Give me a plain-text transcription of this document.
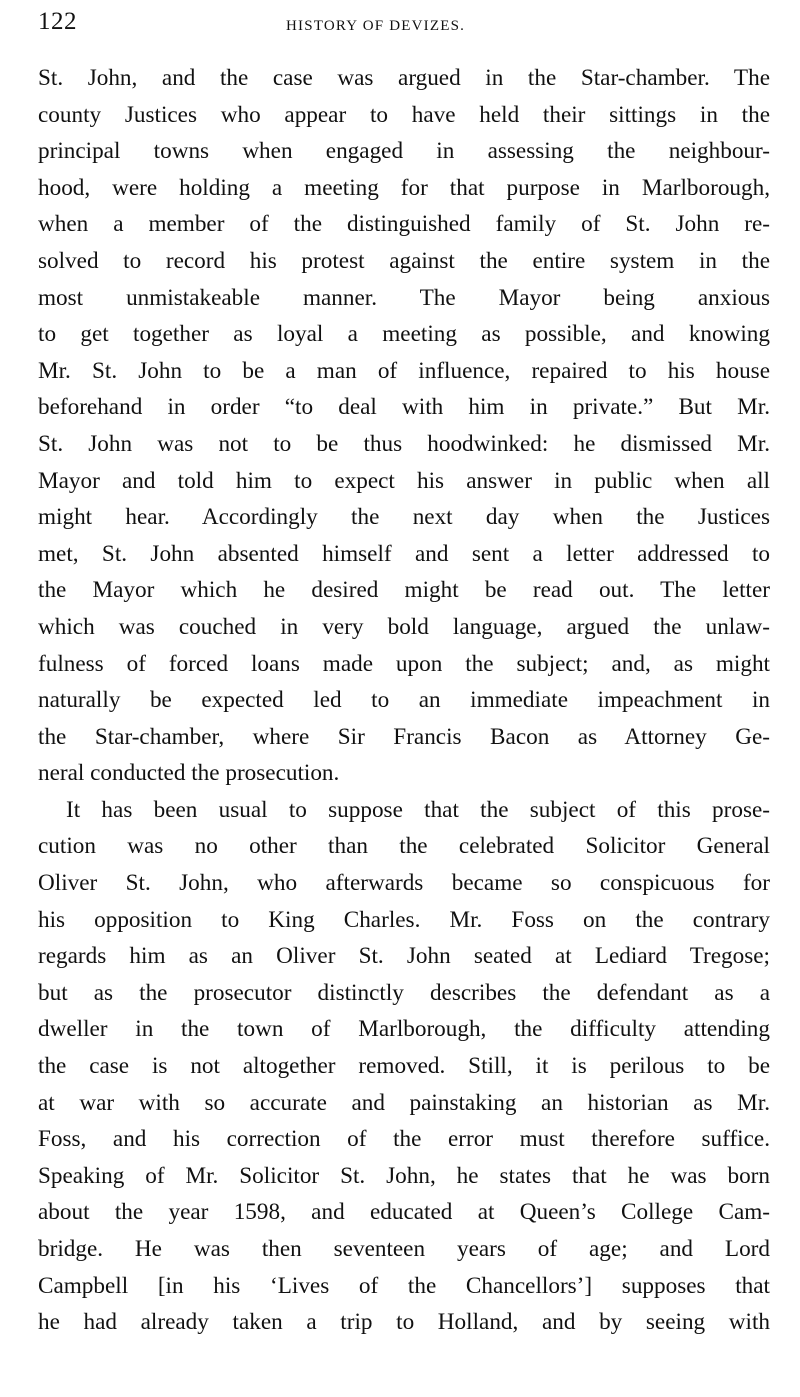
122	HISTORY OF DEVIZES.
St. John, and the case was argued in the Star-chamber. The
county Justices who appear to have held their sittings in the
principal towns when engaged in assessing the neighbour-
hood, were holding a meeting for that purpose in Marlborough,
when a member of the distinguished family of St. John re-
solved to record his protest against the entire system in the
most unmistakeable manner. The Mayor being anxious
to get together as loyal a meeting as possible, and knowing
Mr. St. John to be a man of influence, repaired to his house
beforehand in order “to deal with him in private.” But Mr.
St. John was not to be thus hoodwinked: he dismissed Mr.
Mayor and told him to expect his answer in public when all
might hear. Accordingly the next day when the Justices
met, St. John absented himself and sent a letter addressed to
the Mayor which he desired might be read out. The letter
which was couched in very bold language, argued the unlaw-
fulness of forced loans made upon the subject; and, as might
naturally be expected led to an immediate impeachment in
the Star-chamber, where Sir Francis Bacon as Attorney Ge-
neral conducted the prosecution.
It has been usual to suppose that the subject of this prose-
cution was no other than the celebrated Solicitor General
Oliver St. John, who afterwards became so conspicuous for
his opposition to King Charles. Mr. Foss on the contrary
regards him as an Oliver St. John seated at Lediard Tregose;
but as the prosecutor distinctly describes the defendant as a
dweller in the town of Marlborough, the difficulty attending
the case is not altogether removed. Still, it is perilous to be
at war with so accurate and painstaking an historian as Mr.
Foss, and his correction of the error must therefore suffice.
Speaking of Mr. Solicitor St. John, he states that he was born
about the year 1598, and educated at Queen’s College Cam-
bridge. He was then seventeen years of age; and Lord
Campbell [in his ‘Lives of the Chancellors’] supposes that
he had already taken a trip to Holland, and by seeing with
